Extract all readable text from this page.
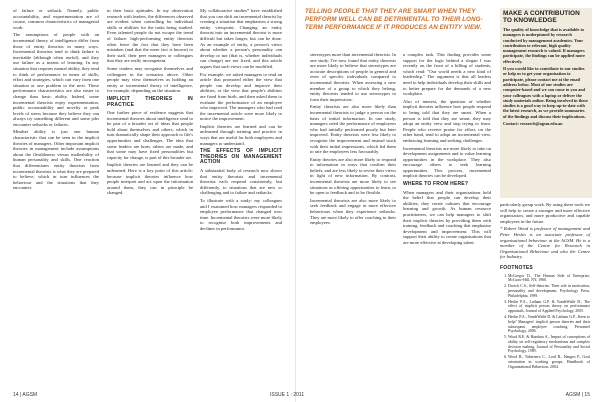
of failure or setback. Namely, public accountability, and experimentation are of course, common characteristics of managerial work.

The assumptions of people with an incremental theory of intelligence differ from those of entity theorists in many ways. Incremental theorists tend to think failure is inevitable (although often useful), and they use failure as a means of learning. In any situation that requires mental ability, they tend to think of performance in terms of skills, effort and strategies, which can vary from one situation or one problem to the next. These performance characteristics are also easier to change than basic ability. Indeed, some incremental theorists enjoy experimentation, public accountability and novelty at peak levels of stress because they believe they can always try something different and some jobs encounter setbacks or failures.

Mindset ability is just one human characteristic that can be seen in the implicit theories of managers. Other important implicit theories in management include assumptions about the flexibleness versus malleability of human personality and skills. One reaction that differentiates entity theorists from incremental theorists is what they are prepared to believe, which in turn influences the behaviour and the situations that they encounter.

in their basic aptitudes. In my observation research with leaders, the differences observed are evident when controlling for individual skills or abilities for the tasks being studied. Even talented people do not escape the trend of failure: high-performing entity theorists often leave the fact that they have been mistaken (and that the mere fact is known) to their staff, their peer managers or colleagues that they are really incompetent.

Some readers may recognise themselves and colleagues in the scenarios above. Other people may view themselves as holding an entity or incremental theory of intelligence, for example, depending on the situation.

IMPLICIT THEORIES IN PRACTICE

One further piece of evidence suggests that incremental theories about intelligence tend to be part of a broader set of ideas that people hold about themselves and others, which in turn dramatically shape their approach to life's opportunities and challenges. The idea that some leaders are born, others are made, and that some may have fixed personalities but capacity for change, is part of this broader set.

Implicit theories are learned and they can be unlearned. Here is a key point of this article: because implicit theories influence how people interpret and act upon the information around them, they can in principle be changed.

My collaborative studies* have established that you can shift an incremental theorist by creating a situation that emphasises a strong entity viewpoint. Changing an entity theorist into an incremental theorist is more difficult but takes longer, but can be done. As an example of entity, a person's views about whether a person's personality can develop or not (that is, whether individuals can change) are not fixed, and this article argues that such views can be modified.

For example, we asked managers to read an article that promoted either the view that people can develop and improve their abilities, or the view that people's abilities are fixed from birth, and then asked them to evaluate the performance of an employee who improved. The managers who had read the incremental article were more likely to notice the improvement.

Implicit theories are learned and can be unlearned through training and practice in ways that are useful for both employees and managers to understand.

THE EFFECTS OF IMPLICIT THEORIES ON MANAGEMENT ACTION

A substantial body of research now shows that entity theorists and incremental theorists each respond consistently, but differently, to situations that are new or challenging and to failure and setbacks.

To illustrate with a study: my colleagues and I examined how managers responded to employee performance that changed over time. Incremental theorists were more likely to recognise both improvements and declines in performance.

TELLING PEOPLE THAT THEY ARE SMART WHEN THEY PERFORM WELL CAN BE DETRIMENTAL TO THEIR LONG-TERM PERFORMANCE IF IT PRODUCES AN ENTITY VIEW.

stereotypes more than incremental theorists. In one study, I've now found that entity theorists are more likely to believe that stereotypes are accurate descriptions of people in general and even of specific individuals compared to incremental theorists. When assessing a new member of a group to which they belong, entity theorists tended to use stereotypes to form their impressions.

Entity theorists are also more likely than incremental theorists to judge a person on the basis of initial information. In one study, managers rated the performance of employees who had initially performed poorly but later improved. Entity theorists were less likely to recognise the improvement and instead stuck with their initial impressions, which led them to rate the employees less favourably.

Entity theories are also more likely to respond to information in ways that confirm their beliefs, and are less likely to revise their views in light of new information. By contrast, incremental theorists are more likely to see situations as offering opportunities to learn, to be open to feedback and to be flexible.

Incremental theorists are also more likely to seek feedback and engage in more effective behaviours when they experience setbacks. They are more likely to offer coaching to their employees.

a complex task. This finding provides some support for the logic behind a slogan I was recently on the front of a billing of students, which read: "Our world needs a new kind of leadership." The argument is that all leaders need to help individuals develop their skills and to better prepare for the demands of a new workplace.

Also of interest, the question of whether implicit theories influence how people respond to being told that they are smart. When a person is told that they are smart, they may adopt an entity view and stop trying to learn. People who receive praise for effort, on the other hand, tend to adopt an incremental view, embracing learning and seeking challenges.

Incremental theorists are more likely to take on development assignments and to value learning opportunities in the workplace. They also encourage others to seek learning opportunities. This process, incremental implicit theories can be developed.

WHERE TO FROM HERE?

When managers and their organisations hold the belief that people can develop their abilities, they create cultures that encourage learning and growth. As human resource practitioners, we can help managers to shift their implicit theories by providing them with training, feedback and coaching that emphasise development and improvement. This will support their ability to create organisations that are more effective at developing talent.

MAKE A CONTRIBUTION TO KNOWLEDGE

The quality of knowledge that is available to managers is underpinned by research conducted by management academics. Your contribution to relevant, high quality management research is valued. If managers participate, the findings can be applied more effectively.

If you would like to contribute to our studies or help us to get your organisation to participate, please contact me at the email address below. Most of our studies are computer-based and we can come to you and your colleagues with a laptop or deliver the study materials online. Being involved in these studies is a good way to keep up-to-date with the latest research, as we provide summaries of the findings and discuss their implications.

Contact: research@agsm.edu.au

particularly group work. By using these tools we will help to create a stronger and more effective organisation, and more productive and capable employees in the future.

* Robert Wood is professor of management and Peter Heslin is an associate professor of organisational behaviour at the AGSM. He is a member of the Centre for Research in Organisational Behaviour and also the Centre for Industry.

FOOTNOTES
1. McGregor D., The Human Side of Enterprise, McGraw-Hill, NY, 1960.
2. Dweck C.S., Self-theories: Their role in motivation, personality and development, Psychology Press, Philadelphia, 1999.
3. Heslin P.A., Latham G.P. & VandeWalle D., The effect of implicit person theory on performance appraisals, Journal of Applied Psychology, 2005.
4. Heslin P.A., VandeWalle D. & Latham G.P., Keen to help? Managers' implicit person theories and their subsequent employee coaching, Personnel Psychology, 2006.
5. Wood R.E. & Bandura A., Impact of conceptions of ability on self-regulatory mechanisms and complex decision making, Journal of Personality and Social Psychology, 1989.
6. Wood R., Tabernero C., Lord R., Hanges P., Goal orientation in working groups, Handbook of Organizational Behaviour, 2004.
14 | AGSM	ISSUE 1 : 2011	AGSM | 15
